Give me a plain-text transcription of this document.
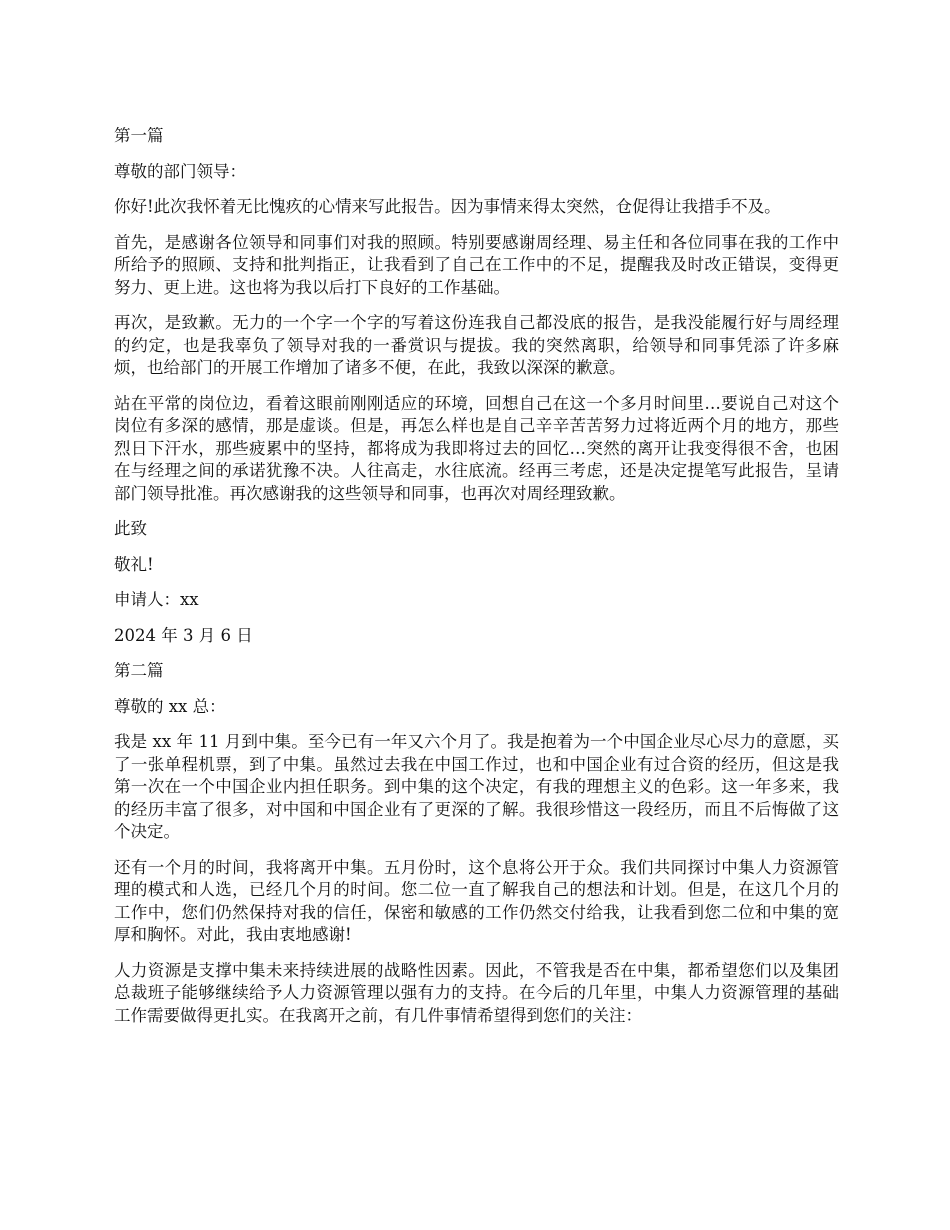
第一篇

尊敬的部门领导：

你好!此次我怀着无比愧疚的心情来写此报告。因为事情来得太突然，仓促得让我措手不及。

首先，是感谢各位领导和同事们对我的照顾。特别要感谢周经理、易主任和各位同事在我的工作中所给予的照顾、支持和批判指正，让我看到了自己在工作中的不足，提醒我及时改正错误，变得更努力、更上进。这也将为我以后打下良好的工作基础。

再次，是致歉。无力的一个字一个字的写着这份连我自己都没底的报告，是我没能履行好与周经理的约定，也是我辜负了领导对我的一番赏识与提拔。我的突然离职，给领导和同事凭添了许多麻烦，也给部门的开展工作增加了诸多不便，在此，我致以深深的歉意。

站在平常的岗位边，看着这眼前刚刚适应的环境，回想自己在这一个多月时间里…要说自己对这个岗位有多深的感情，那是虚谈。但是，再怎么样也是自己辛辛苦苦努力过将近两个月的地方，那些烈日下汗水，那些疲累中的坚持，都将成为我即将过去的回忆…突然的离开让我变得很不舍，也困在与经理之间的承诺犹豫不决。人往高走，水往底流。经再三考虑，还是决定提笔写此报告，呈请部门领导批准。再次感谢我的这些领导和同事，也再次对周经理致歉。

此致

敬礼!

申请人：xx

2024 年 3 月 6 日

第二篇

尊敬的 xx 总：

我是 xx 年 11 月到中集。至今已有一年又六个月了。我是抱着为一个中国企业尽心尽力的意愿，买了一张单程机票，到了中集。虽然过去我在中国工作过，也和中国企业有过合资的经历，但这是我第一次在一个中国企业内担任职务。到中集的这个决定，有我的理想主义的色彩。这一年多来，我的经历丰富了很多，对中国和中国企业有了更深的了解。我很珍惜这一段经历，而且不后悔做了这个决定。

还有一个月的时间，我将离开中集。五月份时，这个息将公开于众。我们共同探讨中集人力资源管理的模式和人选，已经几个月的时间。您二位一直了解我自己的想法和计划。但是，在这几个月的工作中，您们仍然保持对我的信任，保密和敏感的工作仍然交付给我，让我看到您二位和中集的宽厚和胸怀。对此，我由衷地感谢!

人力资源是支撑中集未来持续进展的战略性因素。因此，不管我是否在中集，都希望您们以及集团总裁班子能够继续给予人力资源管理以强有力的支持。在今后的几年里，中集人力资源管理的基础工作需要做得更扎实。在我离开之前，有几件事情希望得到您们的关注：
